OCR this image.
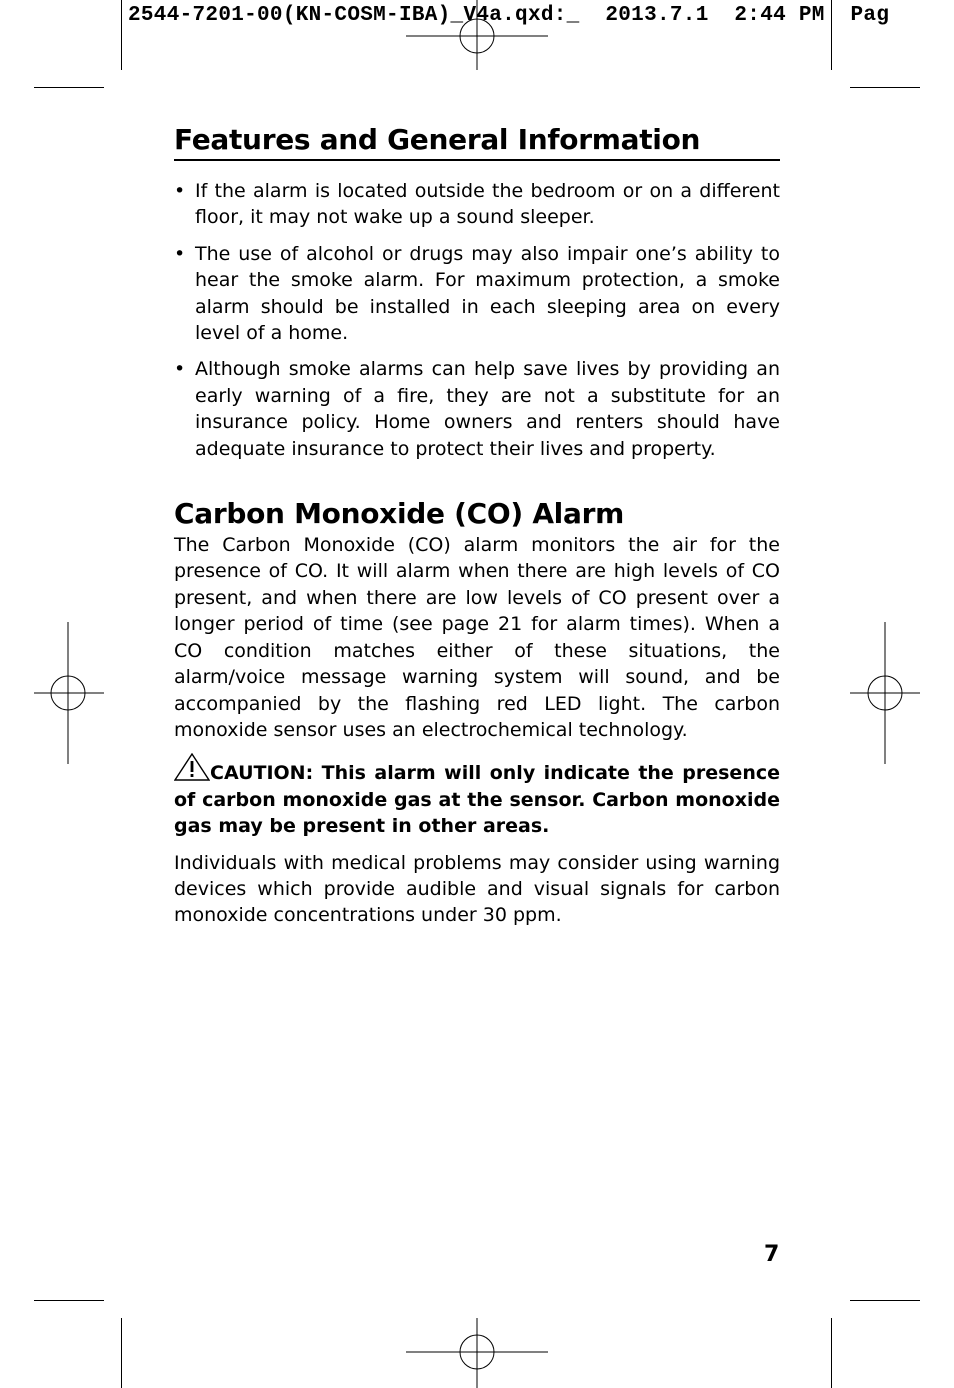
2544-7201-00(KN-COSM-IBA)_V4a.qxd:_  2013.7.1  2:44 PM  Pag
Features and General Information
• If the alarm is located outside the bedroom or on a different floor, it may not wake up a sound sleeper.
• The use of alcohol or drugs may also impair one’s ability to hear the smoke alarm. For maximum protection, a smoke alarm should be installed in each sleeping area on every level of a home.
• Although smoke alarms can help save lives by providing an early warning of a fire, they are not a substitute for an insurance policy. Home owners and renters should have adequate insurance to protect their lives and property.
Carbon Monoxide (CO) Alarm

The Carbon Monoxide (CO) alarm monitors the air for the presence of CO. It will alarm when there are high levels of CO present, and when there are low levels of CO present over a longer period of time (see page 21 for alarm times). When a CO condition matches either of these situations, the alarm/voice message warning system will sound, and be accompanied by the flashing red LED light. The carbon monoxide sensor uses an electrochemical technology.

CAUTION: This alarm will only indicate the presence of carbon monoxide gas at the sensor. Carbon monoxide gas may be present in other areas.

Individuals with medical problems may consider using warning devices which provide audible and visual signals for carbon monoxide concentrations under 30 ppm.

7
